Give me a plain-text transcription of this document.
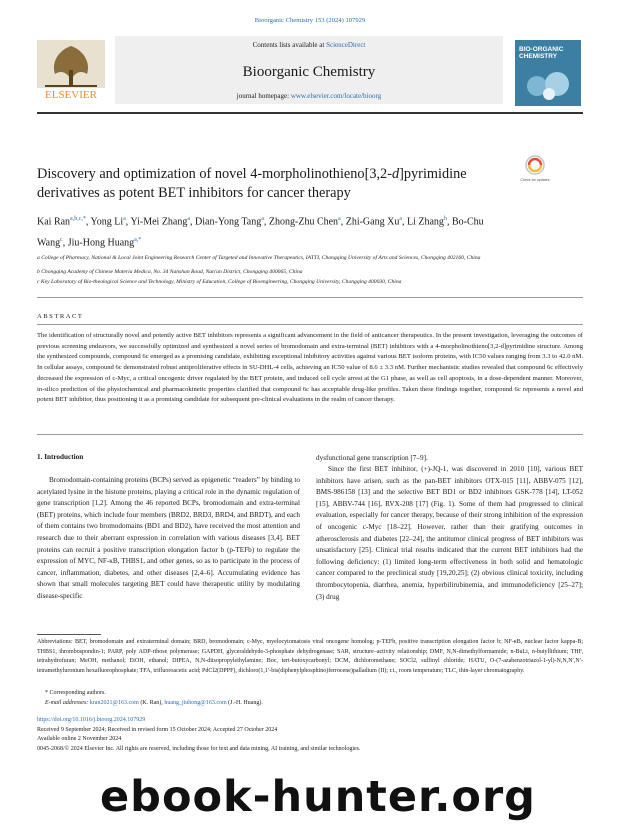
Bioorganic Chemistry 153 (2024) 107929
ELSEVIER
Contents lists available at ScienceDirect
Bioorganic Chemistry
journal homepage: www.elsevier.com/locate/bioorg
BIO-ORGANIC CHEMISTRY
Discovery and optimization of novel 4-morpholinothieno[3,2-d]pyrimidine derivatives as potent BET inhibitors for cancer therapy
Check for updates
Kai Ran$^{a,b,c,*}$, Yong Li$^a$, Yi-Mei Zhang$^a$, Dian-Yong Tang$^a$, Zhong-Zhu Chen$^a$, Zhi-Gang Xu$^a$, Li Zhang$^b$, Bo-Chu Wang$^c$, Jiu-Hong Huang$^{a,*}$
a College of Pharmacy, National & Local Joint Engineering Research Center of Targeted and Innovative Therapeutics, IATTI, Chongqing University of Arts and Sciences, Chongqing 402160, China
b Chongqing Academy of Chinese Materia Medica, No. 34 Nanshan Road, Nan'an District, Chongqing 400065, China
c Key Laboratory of Bio-theological Science and Technology, Ministry of Education, College of Bioengineering, Chongqing University, Chongqing 400030, China
ABSTRACT
The identification of structurally novel and potently active BET inhibitors represents a significant advancement in the field of anticancer therapeutics. In the present investigation, leveraging the outcomes of previous screening endeavors, we successfully optimized and synthesized a novel series of bromodomain and extra-terminal (BET) inhibitors with a 4-morpholinothieno[3,2-d]pyrimidine structure. Among the synthesized compounds, compound 6c emerged as a promising candidate, exhibiting exceptional inhibitory activities against various BET isoform proteins, with IC50 values ranging from 3.3 to 42.0 nM. In cellular assays, compound 6c demonstrated robust antiproliferative effects in SU-DHL-4 cells, achieving an IC50 value of 8.6 ± 3.3 nM. Further mechanistic studies revealed that compound 6c effectively decreased the expression of c-Myc, a critical oncogenic driver regulated by the BET protein, and induced cell cycle arrest at the G1 phase, as well as cell apoptosis, in a dose-dependent manner. Moreover, in-silico prediction of the physiochemical and pharmacokinetic properties clarified that compound 6c has acceptable drug-like profiles. Taken these findings together, compound 6c represents a novel and potent BET inhibitor, thus positioning it as a promising candidate for subsequent pre-clinical evaluations in the realm of cancer therapy.
1. Introduction
Bromodomain-containing proteins (BCPs) served as epigenetic “readers” by binding to acetylated lysine in the histone proteins, playing a critical role in the dynamic regulation of gene transcription [1,2]. Among the 46 reported BCPs, bromodomain and extra-terminal (BET) proteins, which include four members (BRD2, BRD3, BRD4, and BRDT), and each of them contains two bromodomains (BD1 and BD2), have received the most attention and research due to their aberrant expression in correlation with various diseases [3,4]. BET proteins can recruit a positive transcription elongation factor b (p-TEFb) to regulate the expression of MYC, NF-κB, THBS1, and other genes, so as to participate in the process of cancer, inflammation, diabetes, and other diseases [2,4–6]. Accumulating evidence has shown that small molecules targeting BET could have therapeutic utility by modulating disease-specific
dysfunctional gene transcription [7–9].
Since the first BET inhibitor, (+)-JQ-1, was discovered in 2010 [10], various BET inhibitors have arisen, such as the pan-BET inhibitors OTX-015 [11], ABBV-075 [12], BMS-986158 [13] and the selective BET BD1 or BD2 inhibitors GSK-778 [14], LT-052 [15], ABBV-744 [16], RVX-208 [17] (Fig. 1). Some of them had progressed to clinical evaluation, especially for cancer therapy, because of their strong inhibition of the expression of oncogenic c-Myc [18–22]. However, rather than their gratifying outcomes in atherosclerosis and diabetes [22–24], the antitumor clinical progress of BET inhibitors was unsatisfactory [25]. Clinical trial results indicated that the current BET inhibitors had the following deficiency: (1) limited long-term effectiveness in both solid and hematologic cancer compared to the preclinical study [19,20,25]; (2) obvious clinical toxicity, including thrombocytopenia, diarrhea, anemia, hyperbilirubinemia, and immunodeficiency [25–27]; (3) drug
Abbreviations: BET, bromodomain and extraterminal domain; BRD, bromodomain; c-Myc, myelocytomatosis viral oncogene homolog; p-TEFb, positive transcription elongation factor b; NF-κB, nuclear factor kappa-B; THBS1, thrombospondin-1; PARP, poly ADP-ribose polymerase; GAPDH, glyceraldehyde-3-phosphate dehydrogenase; SAR, structure–activity relationship; DMF, N,N-dimethylformamide; n-BuLi, n-butyllithium; THF, tetrahydrofuran; MeOH, methanol; EtOH, ethanol; DIPEA, N,N-diisopropylethylamine; Boc, tert-butoxycarbonyl; DCM, dichloromethane; SOCl2, sulfinyl chloride; HATU, O-(7-azabenzotriazol-1-yl)-N,N,N′,N′-tetramethyluronium hexafluorophosphate; TFA, trifluoroacetic acid; PdCl2(DPPF), dichloro(1,1′-bis(diphenylphosphino)ferrocene)palladium (II); r.t., room temperature; TLC, thin-layer chromatography.
* Corresponding authors.
E-mail addresses: kran2021@163.com (K. Ran), huang_jiuhong@163.com (J.-H. Huang).
https://doi.org/10.1016/j.bioorg.2024.107929
Received 9 September 2024; Received in revised form 15 October 2024; Accepted 27 October 2024
Available online 2 November 2024
0045-2068/© 2024 Elsevier Inc. All rights are reserved, including those for text and data mining, AI training, and similar technologies.
ebook-hunter.org
